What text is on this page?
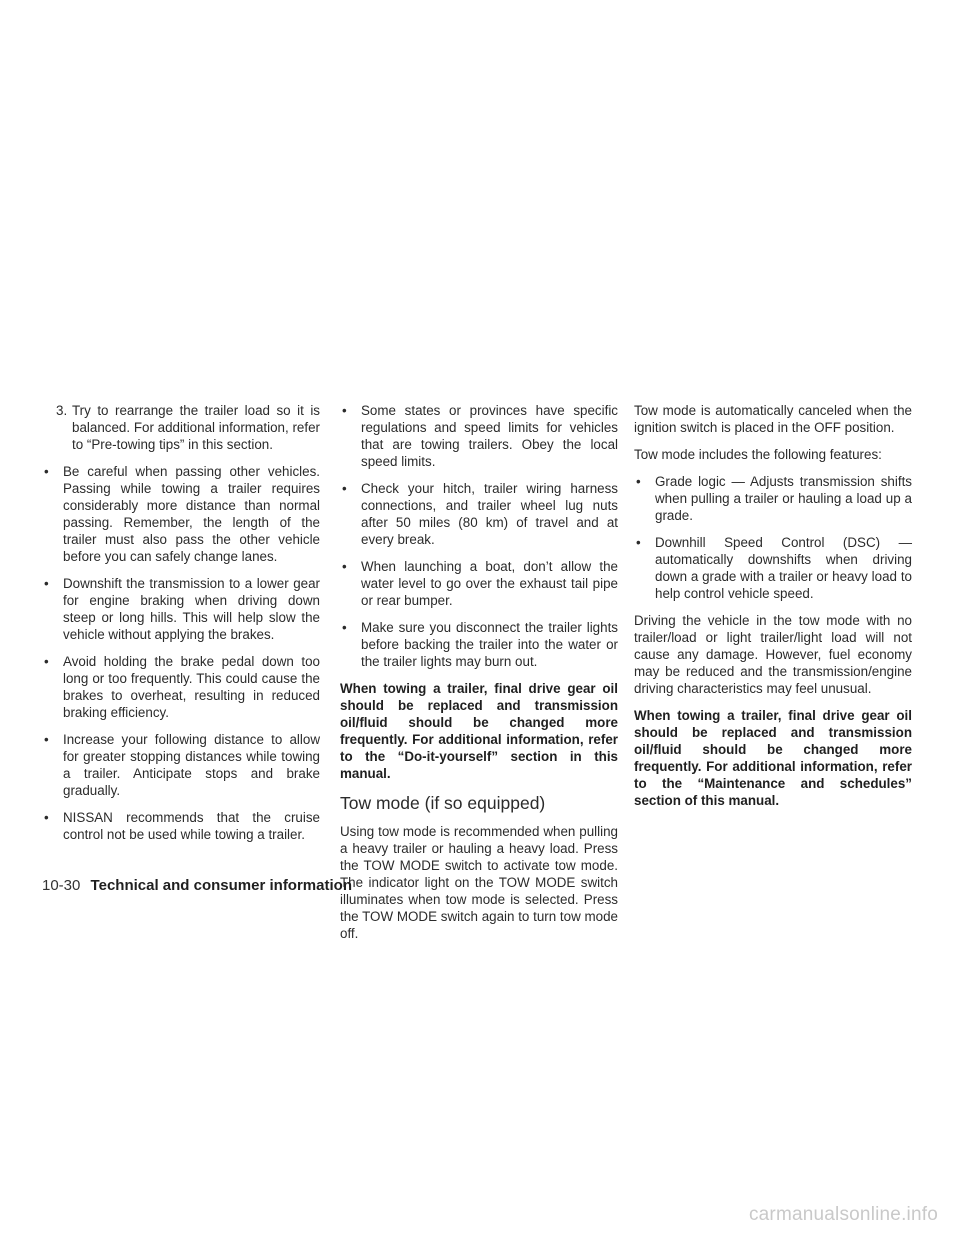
3. Try to rearrange the trailer load so it is balanced. For additional information, refer to “Pre-towing tips” in this section.
• Be careful when passing other vehicles. Passing while towing a trailer requires considerably more distance than normal passing. Remember, the length of the trailer must also pass the other vehicle before you can safely change lanes.
• Downshift the transmission to a lower gear for engine braking when driving down steep or long hills. This will help slow the vehicle without applying the brakes.
• Avoid holding the brake pedal down too long or too frequently. This could cause the brakes to overheat, resulting in reduced braking efficiency.
• Increase your following distance to allow for greater stopping distances while towing a trailer. Anticipate stops and brake gradually.
• NISSAN recommends that the cruise control not be used while towing a trailer.
• Some states or provinces have specific regulations and speed limits for vehicles that are towing trailers. Obey the local speed limits.
• Check your hitch, trailer wiring harness connections, and trailer wheel lug nuts after 50 miles (80 km) of travel and at every break.
• When launching a boat, don’t allow the water level to go over the exhaust tail pipe or rear bumper.
• Make sure you disconnect the trailer lights before backing the trailer into the water or the trailer lights may burn out.

When towing a trailer, final drive gear oil should be replaced and transmission oil/fluid should be changed more frequently. For additional information, refer to the “Do-it-yourself” section in this manual.

Tow mode (if so equipped)

Using tow mode is recommended when pulling a heavy trailer or hauling a heavy load. Press the TOW MODE switch to activate tow mode. The indicator light on the TOW MODE switch illuminates when tow mode is selected. Press the TOW MODE switch again to turn tow mode off.

Tow mode is automatically canceled when the ignition switch is placed in the OFF position.

Tow mode includes the following features:

• Grade logic — Adjusts transmission shifts when pulling a trailer or hauling a load up a grade.
• Downhill Speed Control (DSC) — automatically downshifts when driving down a grade with a trailer or heavy load to help control vehicle speed.

Driving the vehicle in the tow mode with no trailer/load or light trailer/light load will not cause any damage. However, fuel economy may be reduced and the transmission/engine driving characteristics may feel unusual.

When towing a trailer, final drive gear oil should be replaced and transmission oil/fluid should be changed more frequently. For additional information, refer to the “Maintenance and schedules” section of this manual.

10-30 Technical and consumer information
carmanualsonline.info
